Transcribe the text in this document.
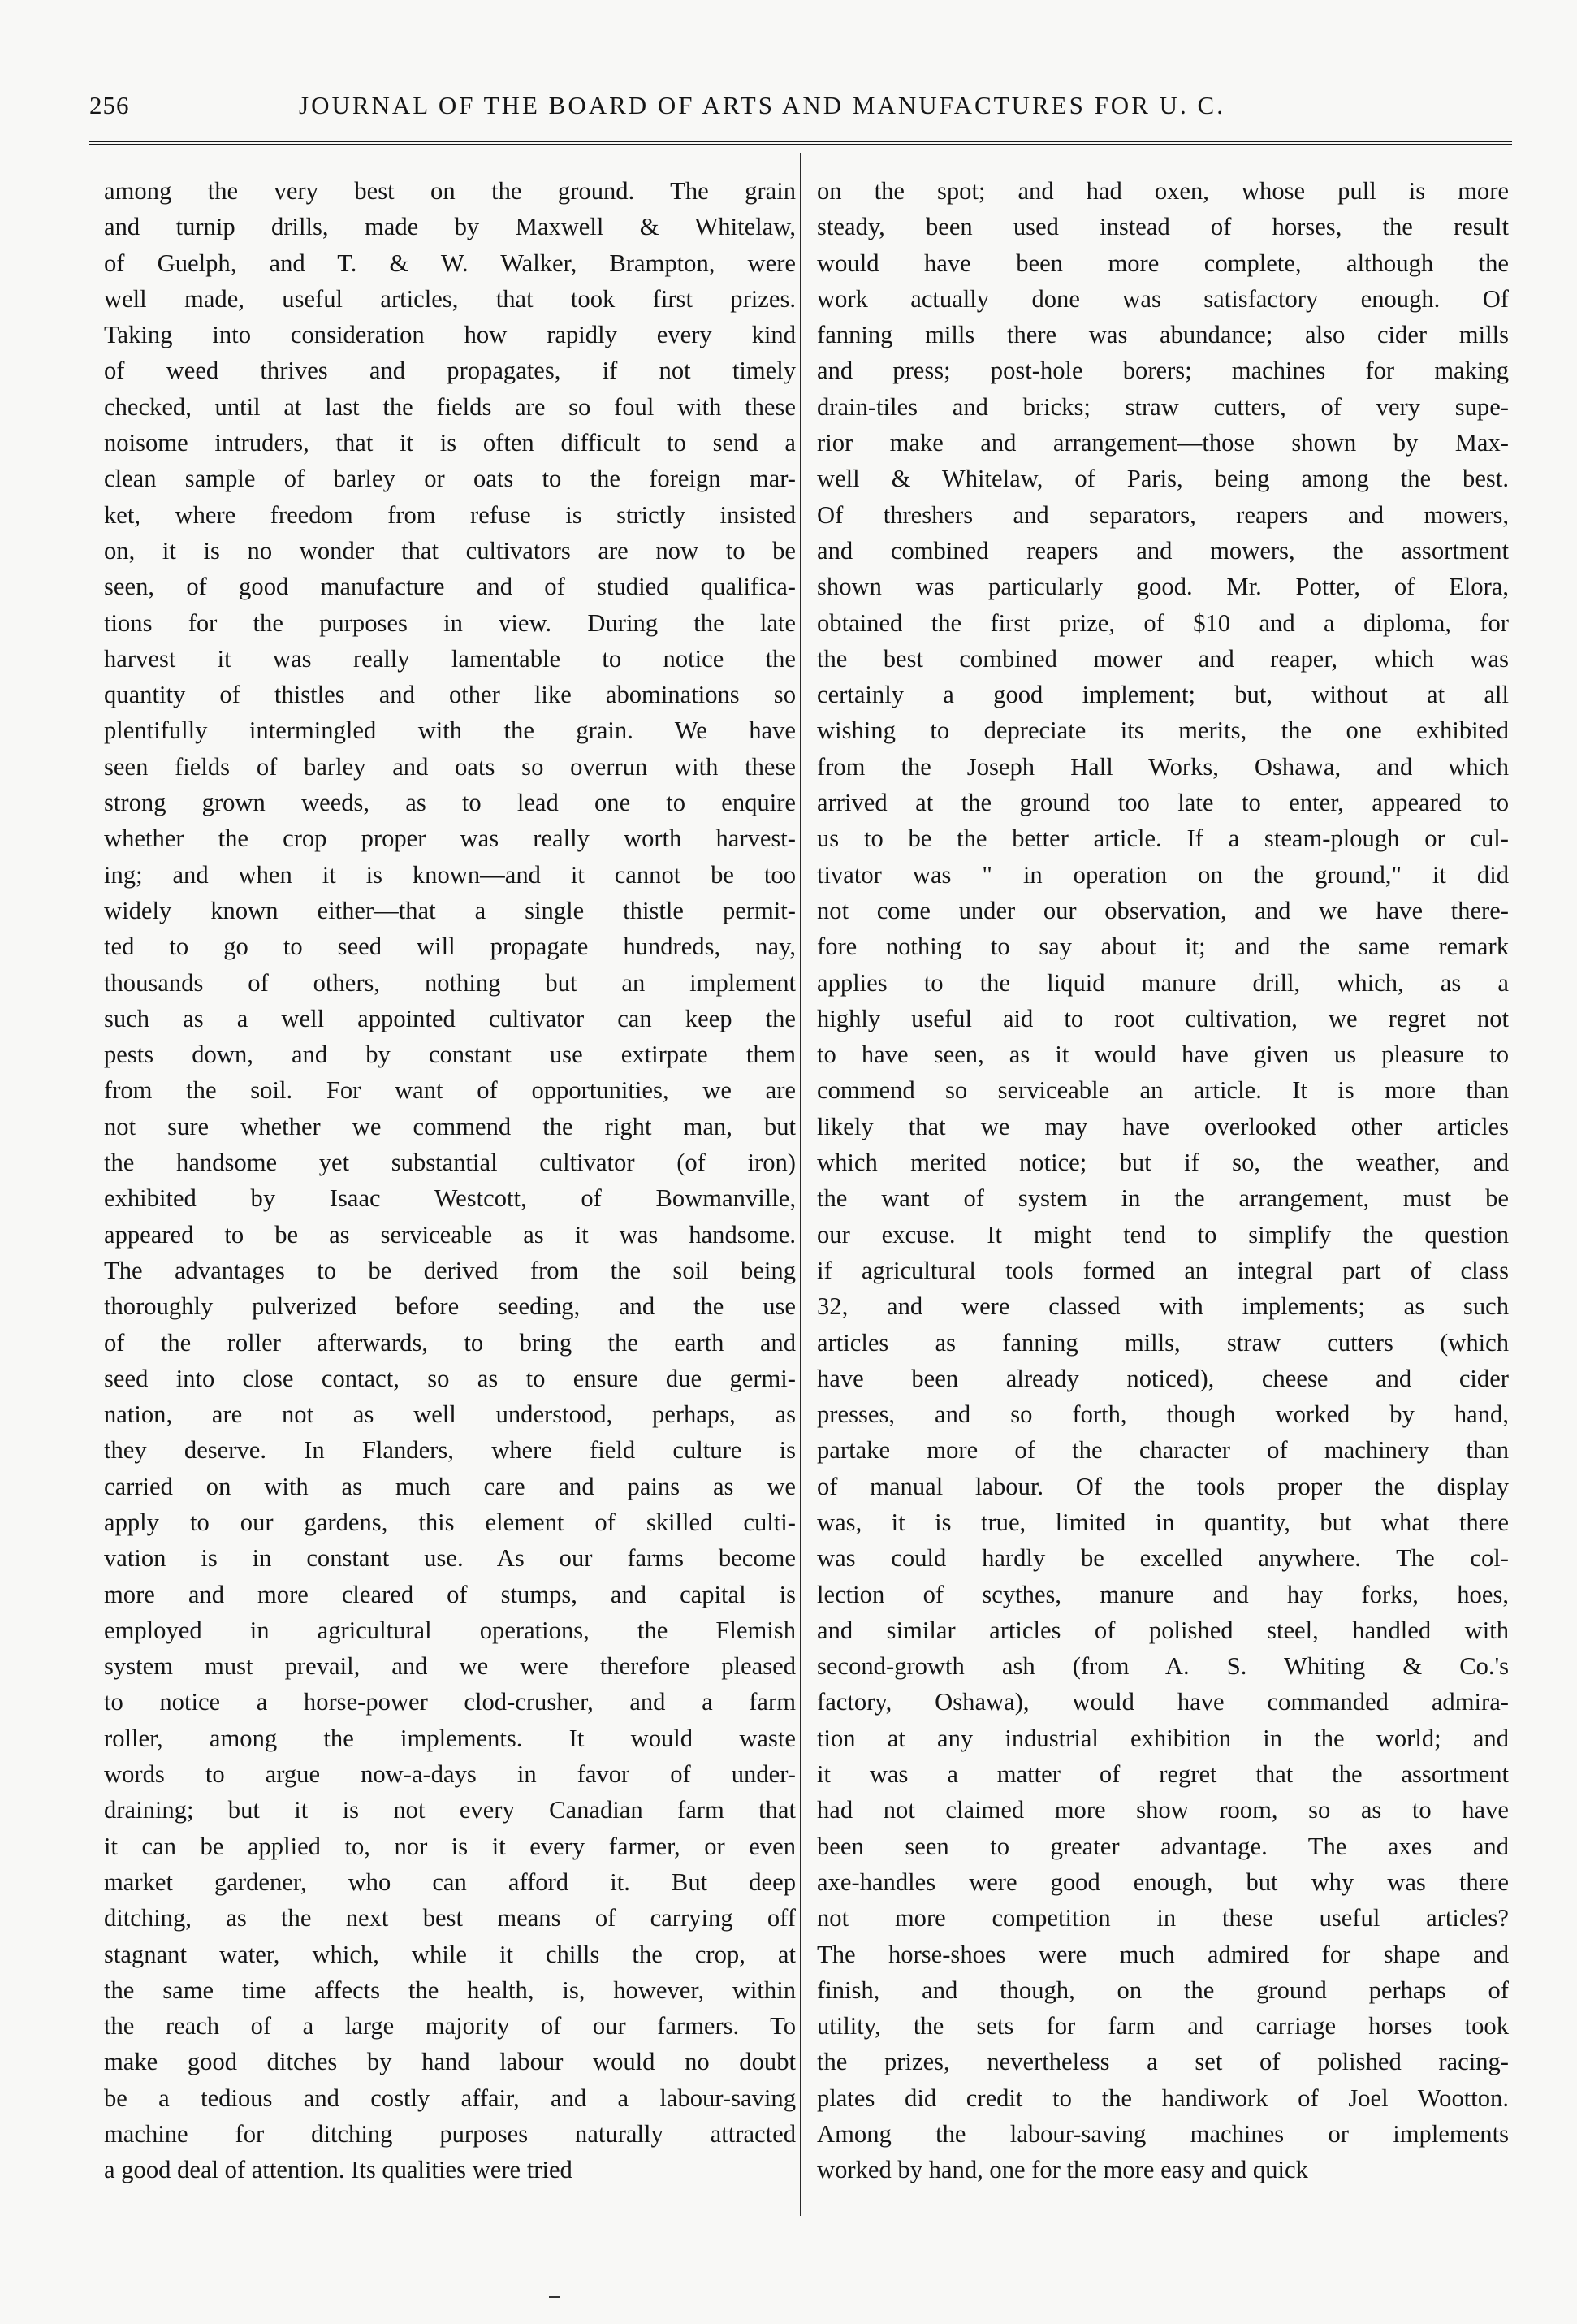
256	JOURNAL OF THE BOARD OF ARTS AND MANUFACTURES FOR U. C.
among the very best on the ground. The grain
and turnip drills, made by Maxwell & Whitelaw,
of Guelph, and T. & W. Walker, Brampton, were
well made, useful articles, that took first prizes.
Taking into consideration how rapidly every kind
of weed thrives and propagates, if not timely
checked, until at last the fields are so foul with these
noisome intruders, that it is often difficult to send a
clean sample of barley or oats to the foreign mar-
ket, where freedom from refuse is strictly insisted
on, it is no wonder that cultivators are now to be
seen, of good manufacture and of studied qualifica-
tions for the purposes in view. During the late
harvest it was really lamentable to notice the
quantity of thistles and other like abominations so
plentifully intermingled with the grain. We have
seen fields of barley and oats so overrun with these
strong grown weeds, as to lead one to enquire
whether the crop proper was really worth harvest-
ing; and when it is known—and it cannot be too
widely known either—that a single thistle permit-
ted to go to seed will propagate hundreds, nay,
thousands of others, nothing but an implement
such as a well appointed cultivator can keep the
pests down, and by constant use extirpate them
from the soil. For want of opportunities, we are
not sure whether we commend the right man, but
the handsome yet substantial cultivator (of iron)
exhibited by Isaac Westcott, of Bowmanville,
appeared to be as serviceable as it was handsome.
The advantages to be derived from the soil being
thoroughly pulverized before seeding, and the use
of the roller afterwards, to bring the earth and
seed into close contact, so as to ensure due germi-
nation, are not as well understood, perhaps, as
they deserve. In Flanders, where field culture is
carried on with as much care and pains as we
apply to our gardens, this element of skilled culti-
vation is in constant use. As our farms become
more and more cleared of stumps, and capital is
employed in agricultural operations, the Flemish
system must prevail, and we were therefore pleased
to notice a horse-power clod-crusher, and a farm
roller, among the implements. It would waste
words to argue now-a-days in favor of under-
draining; but it is not every Canadian farm that
it can be applied to, nor is it every farmer, or even
market gardener, who can afford it. But deep
ditching, as the next best means of carrying off
stagnant water, which, while it chills the crop, at
the same time affects the health, is, however, within
the reach of a large majority of our farmers. To
make good ditches by hand labour would no doubt
be a tedious and costly affair, and a labour-saving
machine for ditching purposes naturally attracted
a good deal of attention. Its qualities were tried
on the spot; and had oxen, whose pull is more
steady, been used instead of horses, the result
would have been more complete, although the
work actually done was satisfactory enough. Of
fanning mills there was abundance; also cider mills
and press; post-hole borers; machines for making
drain-tiles and bricks; straw cutters, of very supe-
rior make and arrangement—those shown by Max-
well & Whitelaw, of Paris, being among the best.
Of threshers and separators, reapers and mowers,
and combined reapers and mowers, the assortment
shown was particularly good. Mr. Potter, of Elora,
obtained the first prize, of $10 and a diploma, for
the best combined mower and reaper, which was
certainly a good implement; but, without at all
wishing to depreciate its merits, the one exhibited
from the Joseph Hall Works, Oshawa, and which
arrived at the ground too late to enter, appeared to
us to be the better article. If a steam-plough or cul-
tivator was " in operation on the ground," it did
not come under our observation, and we have there-
fore nothing to say about it; and the same remark
applies to the liquid manure drill, which, as a
highly useful aid to root cultivation, we regret not
to have seen, as it would have given us pleasure to
commend so serviceable an article. It is more than
likely that we may have overlooked other articles
which merited notice; but if so, the weather, and
the want of system in the arrangement, must be
our excuse. It might tend to simplify the question
if agricultural tools formed an integral part of class
32, and were classed with implements; as such
articles as fanning mills, straw cutters (which
have been already noticed), cheese and cider
presses, and so forth, though worked by hand,
partake more of the character of machinery than
of manual labour. Of the tools proper the display
was, it is true, limited in quantity, but what there
was could hardly be excelled anywhere. The col-
lection of scythes, manure and hay forks, hoes,
and similar articles of polished steel, handled with
second-growth ash (from A. S. Whiting & Co.'s
factory, Oshawa), would have commanded admira-
tion at any industrial exhibition in the world; and
it was a matter of regret that the assortment
had not claimed more show room, so as to have
been seen to greater advantage. The axes and
axe-handles were good enough, but why was there
not more competition in these useful articles?
The horse-shoes were much admired for shape and
finish, and though, on the ground perhaps of
utility, the sets for farm and carriage horses took
the prizes, nevertheless a set of polished racing-
plates did credit to the handiwork of Joel Wootton.
Among the labour-saving machines or implements
worked by hand, one for the more easy and quick
